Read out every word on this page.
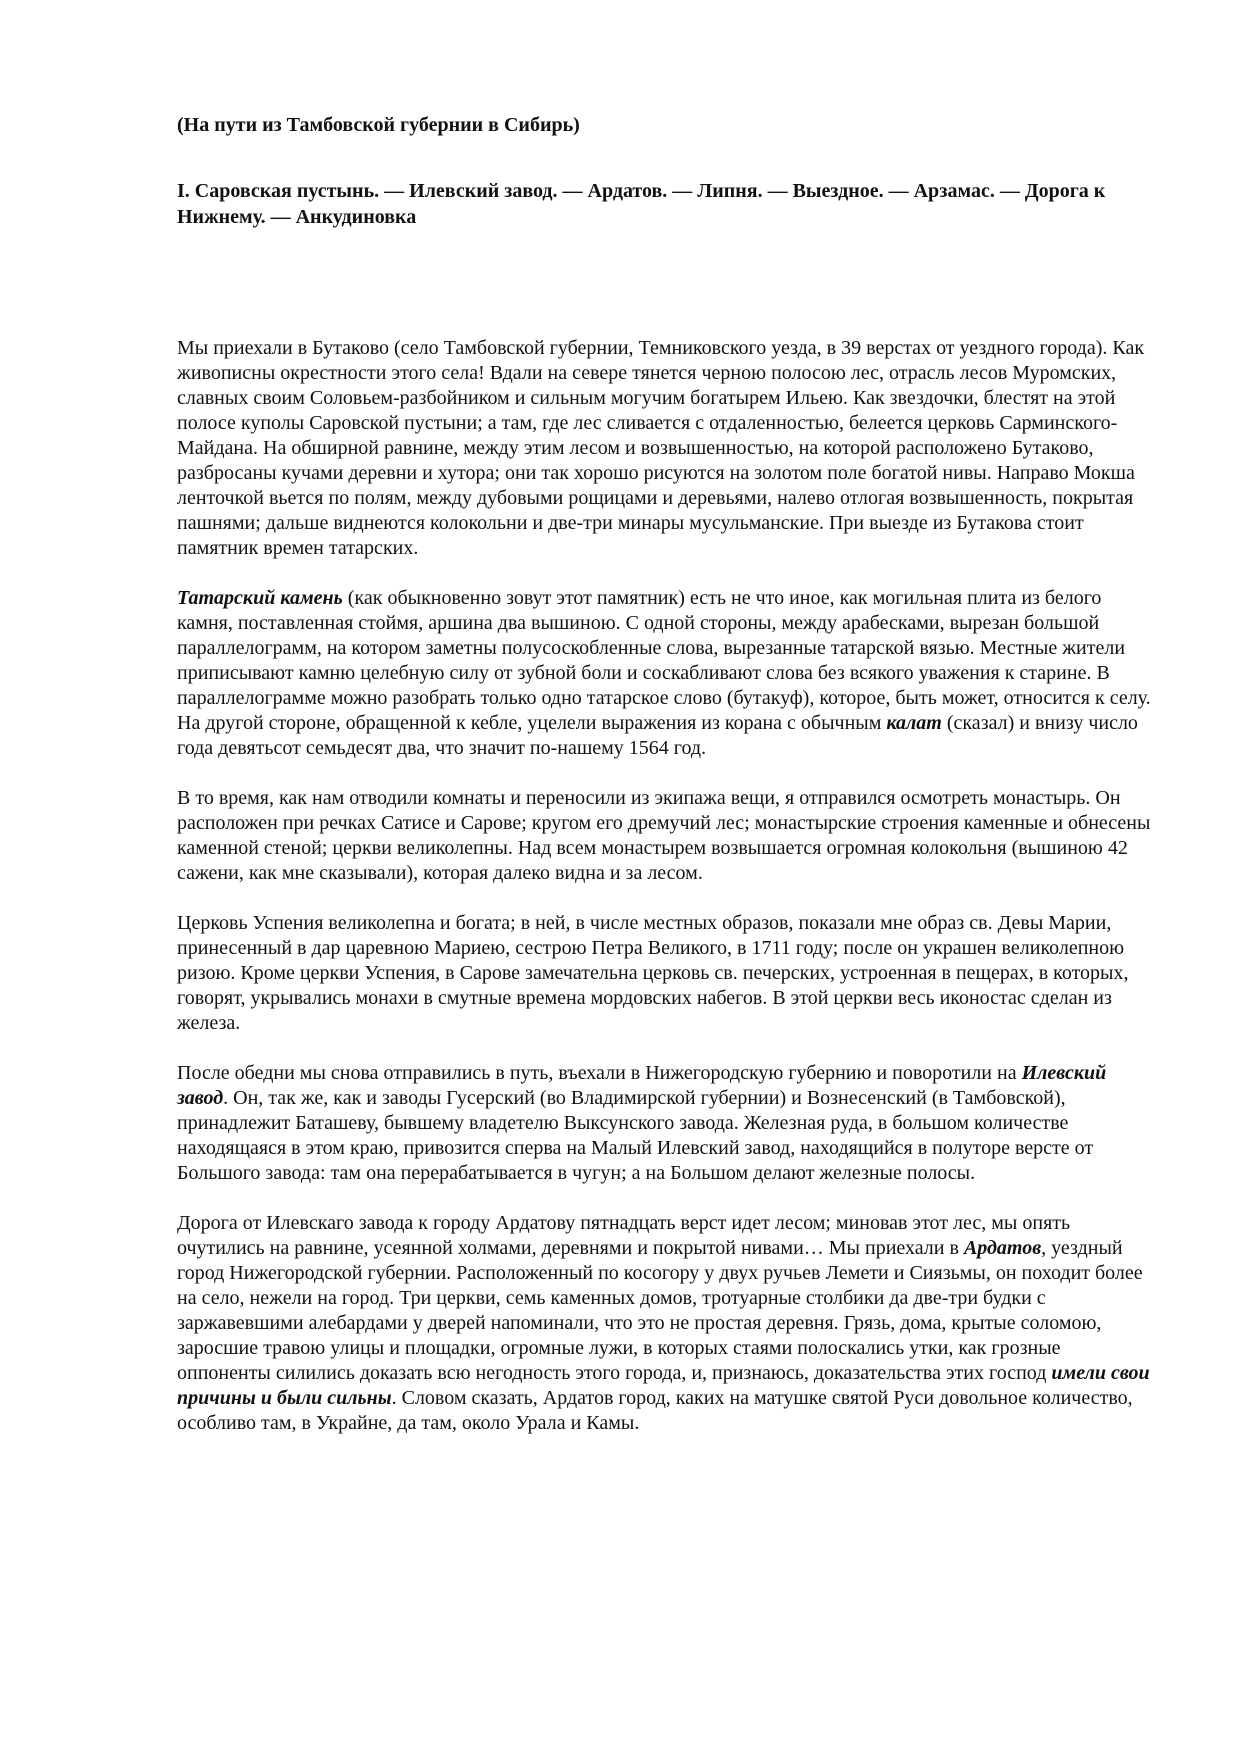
(На пути из Тамбовской губернии в Сибирь)

I. Саровская пустынь. — Илевский завод. — Ардатов. — Липня. — Выездное. — Арзамас. — Дорога к Нижнему. — Анкудиновка

Мы приехали в Бутаково (село Тамбовской губернии, Темниковского уезда, в 39 верстах от уездного города). Как живописны окрестности этого села! Вдали на севере тянется черною полосою лес, отрасль лесов Муромских, славных своим Соловьем-разбойником и сильным могучим богатырем Ильею. Как звездочки, блестят на этой полосе куполы Саровской пустыни; а там, где лес сливается с отдаленностью, белеется церковь Сарминского-Майдана. На обширной равнине, между этим лесом и возвышенностью, на которой расположено Бутаково, разбросаны кучами деревни и хутора; они так хорошо рисуются на золотом поле богатой нивы. Направо Мокша ленточкой вьется по полям, между дубовыми рощицами и деревьями, налево отлогая возвышенность, покрытая пашнями; дальше виднеются колокольни и две-три минары мусульманские. При выезде из Бутакова стоит памятник времен татарских.

Татарский камень (как обыкновенно зовут этот памятник) есть не что иное, как могильная плита из белого камня, поставленная стоймя, аршина два вышиною. С одной стороны, между арабесками, вырезан большой параллелограмм, на котором заметны полусоскобленные слова, вырезанные татарской вязью. Местные жители приписывают камню целебную силу от зубной боли и соскабливают слова без всякого уважения к старине. В параллелограмме можно разобрать только одно татарское слово (бутакуф), которое, быть может, относится к селу. На другой стороне, обращенной к кебле, уцелели выражения из корана с обычным калат (сказал) и внизу число года девятьсот семьдесят два, что значит по-нашему 1564 год.

В то время, как нам отводили комнаты и переносили из экипажа вещи, я отправился осмотреть монастырь. Он расположен при речках Сатисе и Сарове; кругом его дремучий лес; монастырские строения каменные и обнесены каменной стеной; церкви великолепны. Над всем монастырем возвышается огромная колокольня (вышиною 42 сажени, как мне сказывали), которая далеко видна и за лесом.

Церковь Успения великолепна и богата; в ней, в числе местных образов, показали мне образ св. Девы Марии, принесенный в дар царевною Мариею, сестрою Петра Великого, в 1711 году; после он украшен великолепною ризою. Кроме церкви Успения, в Сарове замечательна церковь св. печерских, устроенная в пещерах, в которых, говорят, укрывались монахи в смутные времена мордовских набегов. В этой церкви весь иконостас сделан из железа.

После обедни мы снова отправились в путь, въехали в Нижегородскую губернию и поворотили на Илевский завод. Он, так же, как и заводы Гусерский (во Владимирской губернии) и Вознесенский (в Тамбовской), принадлежит Баташеву, бывшему владетелю Выксунского завода. Железная руда, в большом количестве находящаяся в этом краю, привозится сперва на Малый Илевский завод, находящийся в полуторе версте от Большого завода: там она перерабатывается в чугун; а на Большом делают железные полосы.

Дорога от Илевскаго завода к городу Ардатову пятнадцать верст идет лесом; миновав этот лес, мы опять очутились на равнине, усеянной холмами, деревнями и покрытой нивами… Мы приехали в Ардатов, уездный город Нижегородской губернии. Расположенный по косогору у двух ручьев Лемети и Сиязьмы, он походит более на село, нежели на город. Три церкви, семь каменных домов, тротуарные столбики да две-три будки с заржавевшими алебардами у дверей напоминали, что это не простая деревня. Грязь, дома, крытые соломою, заросшие травою улицы и площадки, огромные лужи, в которых стаями полоскались утки, как грозные оппоненты силились доказать всю негодность этого города, и, признаюсь, доказательства этих господ имели свои причины и были сильны. Словом сказать, Ардатов город, каких на матушке святой Руси довольное количество, особливо там, в Украйне, да там, около Урала и Камы.
